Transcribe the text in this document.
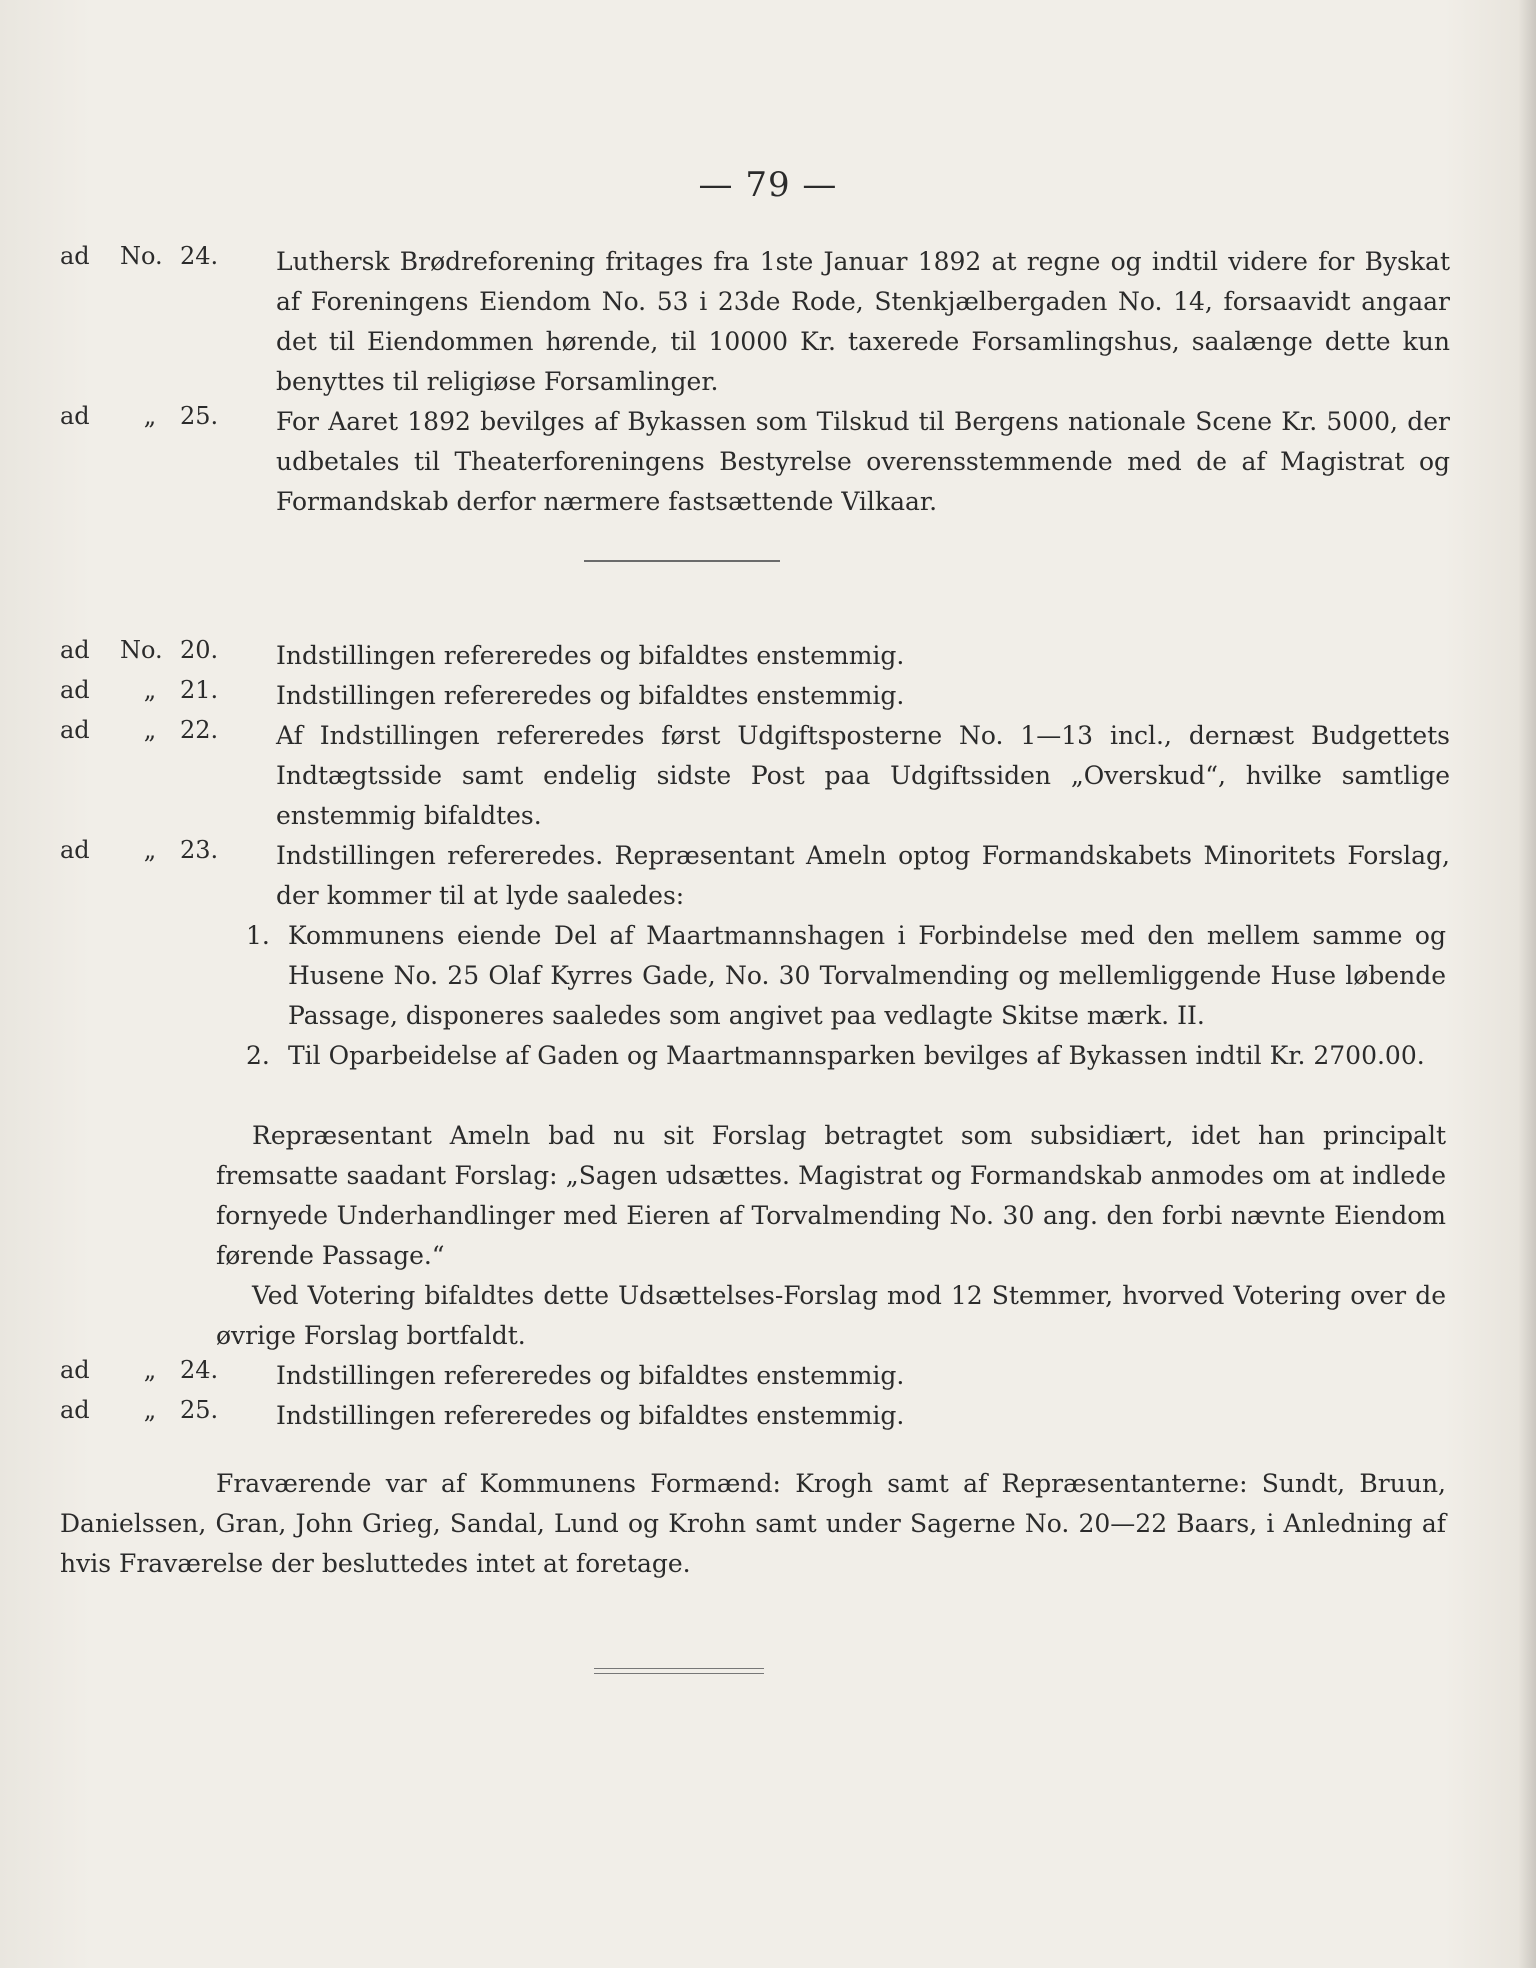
— 79 —
ad	No. 24.	Luthersk Brødreforening fritages fra 1ste Januar 1892 at regne og indtil videre for Byskat af Foreningens Eiendom No. 53 i 23de Rode, Stenkjælbergaden No. 14, forsaavidt angaar det til Eiendommen hørende, til 10000 Kr. taxerede Forsamlingshus, saalænge dette kun benyttes til religiøse Forsamlinger.
ad	„ 25.	For Aaret 1892 bevilges af Bykassen som Tilskud til Bergens nationale Scene Kr. 5000, der udbetales til Theaterforeningens Bestyrelse overensstemmende med de af Magistrat og Formandskab derfor nærmere fastsættende Vilkaar.
ad	No. 20.	Indstillingen refereredes og bifaldtes enstemmig.
ad	„ 21.	Indstillingen refereredes og bifaldtes enstemmig.
ad	„ 22.	Af Indstillingen refereredes først Udgiftsposterne No. 1—13 incl., dernæst Budgettets Indtægtsside samt endelig sidste Post paa Udgiftssiden „Overskud“, hvilke samtlige enstemmig bifaldtes.
ad	„ 23.	Indstillingen refereredes. Repræsentant Ameln optog Formandskabets Minoritets Forslag, der kommer til at lyde saaledes:
1. Kommunens eiende Del af Maartmannshagen i Forbindelse med den mellem samme og Husene No. 25 Olaf Kyrres Gade, No. 30 Torvalmending og mellemliggende Huse løbende Passage, disponeres saaledes som angivet paa vedlagte Skitse mærk. II.
2. Til Oparbeidelse af Gaden og Maartmannsparken bevilges af Bykassen indtil Kr. 2700.00.
Repræsentant Ameln bad nu sit Forslag betragtet som subsidiært, idet han principalt fremsatte saadant Forslag: „Sagen udsættes. Magistrat og Formandskab anmodes om at indlede fornyede Underhandlinger med Eieren af Torvalmending No. 30 ang. den forbi nævnte Eiendom førende Passage.“
Ved Votering bifaldtes dette Udsættelses-Forslag mod 12 Stemmer, hvorved Votering over de øvrige Forslag bortfaldt.
ad	„ 24.	Indstillingen refereredes og bifaldtes enstemmig.
ad	„ 25.	Indstillingen refereredes og bifaldtes enstemmig.
Fraværende var af Kommunens Formænd: Krogh samt af Repræsentanterne: Sundt, Bruun, Danielssen, Gran, John Grieg, Sandal, Lund og Krohn samt under Sagerne No. 20—22 Baars, i Anledning af hvis Fraværelse der besluttedes intet at foretage.
